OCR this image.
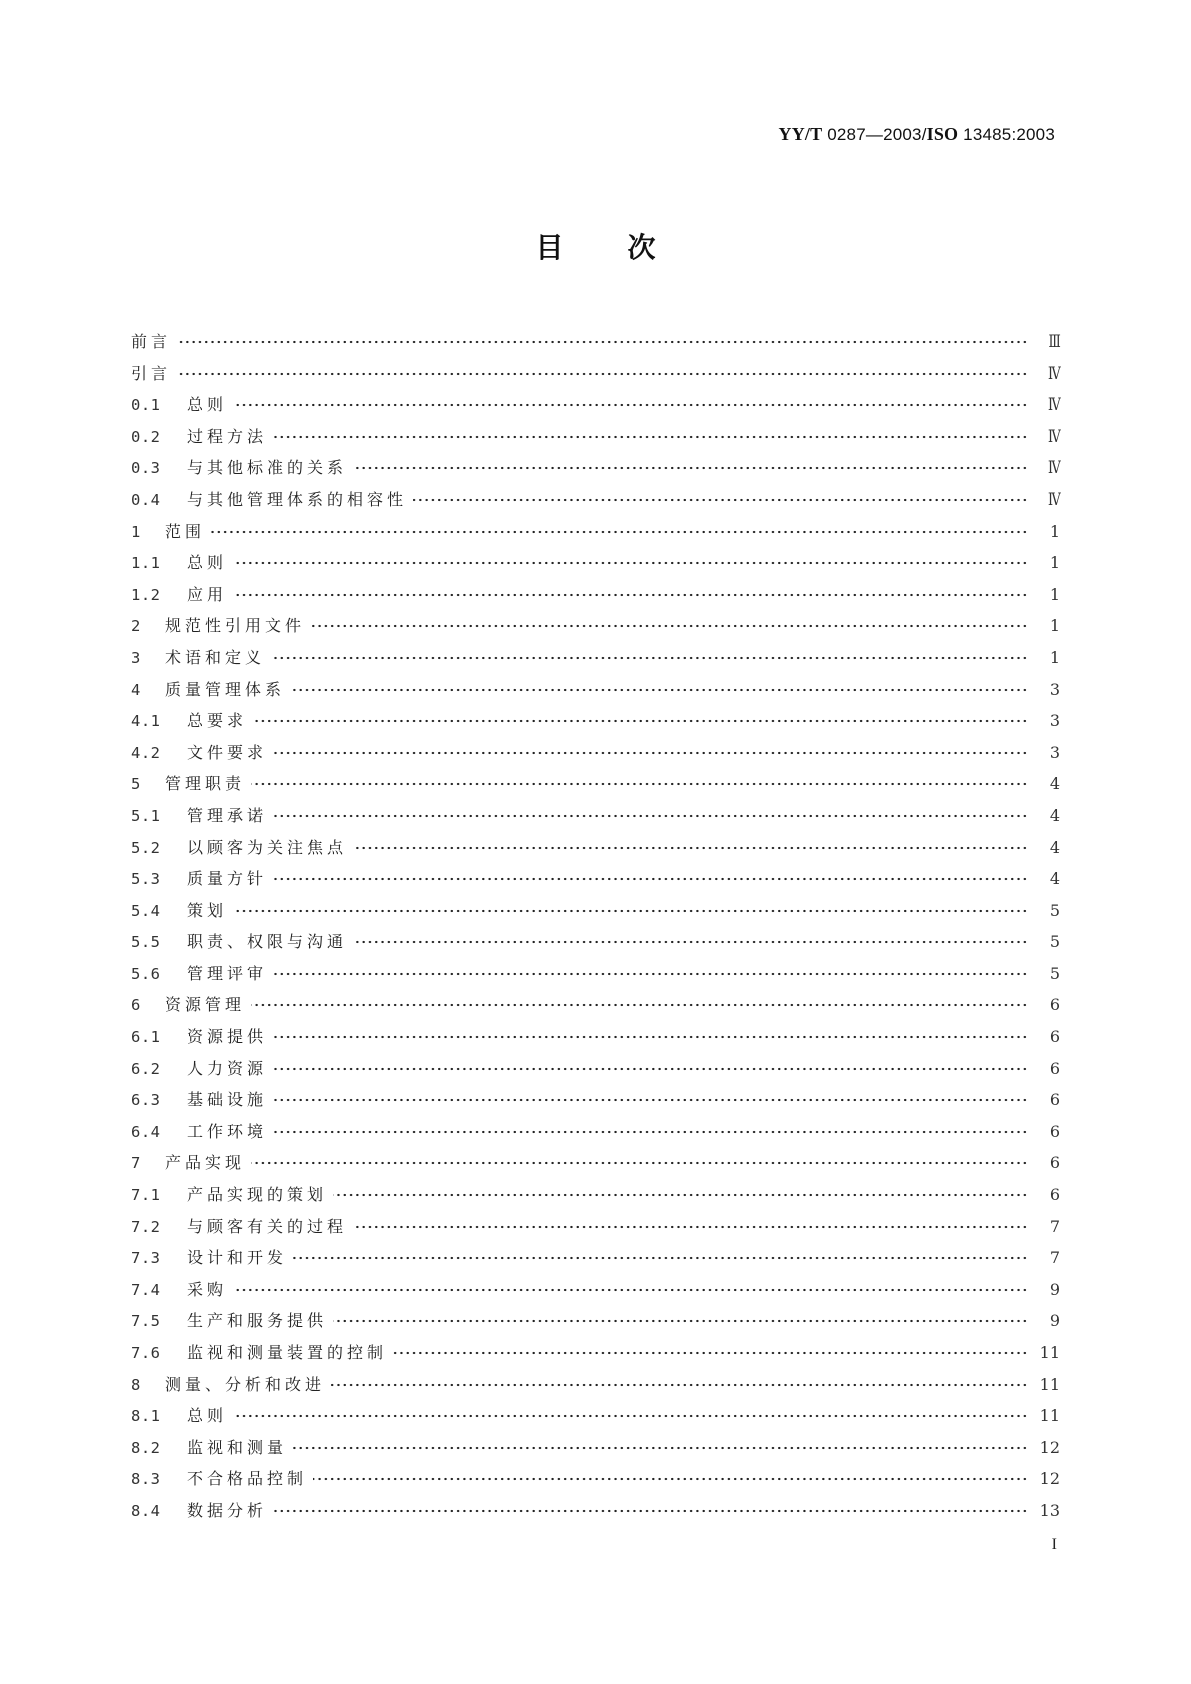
YY/T 0287—2003/ISO 13485:2003
目次
前言	Ⅲ
引言	Ⅳ
0.1	总则	Ⅳ
0.2	过程方法	Ⅳ
0.3	与其他标准的关系	Ⅳ
0.4	与其他管理体系的相容性	Ⅳ
1	范围	1
1.1	总则	1
1.2	应用	1
2	规范性引用文件	1
3	术语和定义	1
4	质量管理体系	3
4.1	总要求	3
4.2	文件要求	3
5	管理职责	4
5.1	管理承诺	4
5.2	以顾客为关注焦点	4
5.3	质量方针	4
5.4	策划	5
5.5	职责、权限与沟通	5
5.6	管理评审	5
6	资源管理	6
6.1	资源提供	6
6.2	人力资源	6
6.3	基础设施	6
6.4	工作环境	6
7	产品实现	6
7.1	产品实现的策划	6
7.2	与顾客有关的过程	7
7.3	设计和开发	7
7.4	采购	9
7.5	生产和服务提供	9
7.6	监视和测量装置的控制	11
8	测量、分析和改进	11
8.1	总则	11
8.2	监视和测量	12
8.3	不合格品控制	12
8.4	数据分析	13
I
